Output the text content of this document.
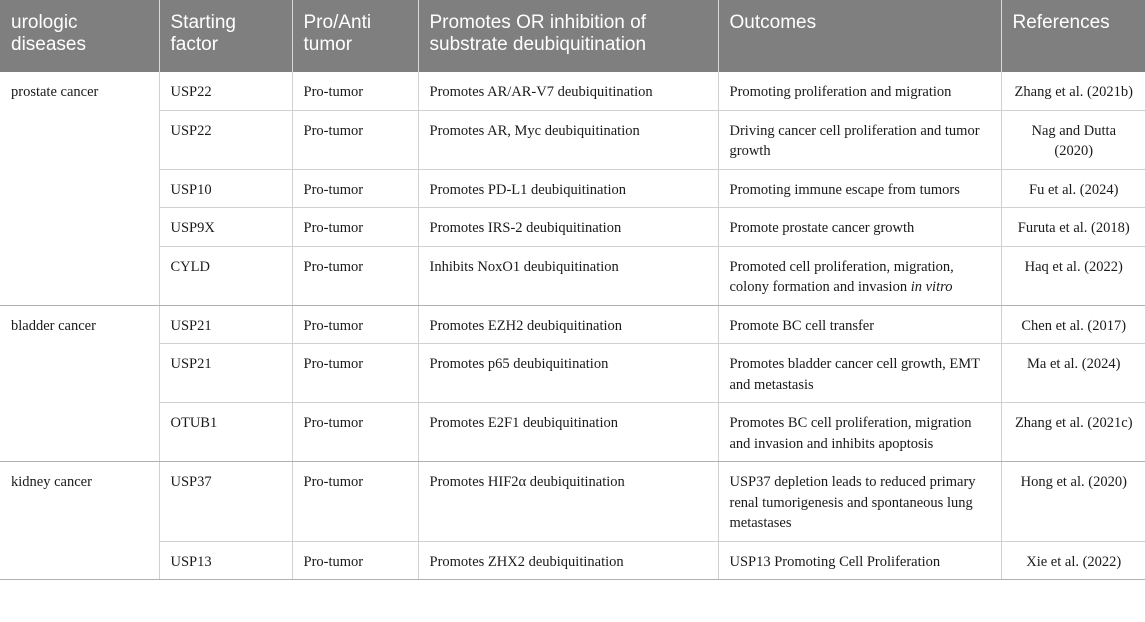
urologic diseases	Starting factor	Pro/Anti tumor	Promotes OR inhibition of substrate deubiquitination	Outcomes	References
prostate cancer	USP22	Pro-tumor	Promotes AR/AR-V7 deubiquitination	Promoting proliferation and migration	Zhang et al. (2021b)
	USP22	Pro-tumor	Promotes AR, Myc deubiquitination	Driving cancer cell proliferation and tumor growth	Nag and Dutta (2020)
	USP10	Pro-tumor	Promotes PD-L1 deubiquitination	Promoting immune escape from tumors	Fu et al. (2024)
	USP9X	Pro-tumor	Promotes IRS-2 deubiquitination	Promote prostate cancer growth	Furuta et al. (2018)
	CYLD	Pro-tumor	Inhibits NoxO1 deubiquitination	Promoted cell proliferation, migration, colony formation and invasion in vitro	Haq et al. (2022)
bladder cancer	USP21	Pro-tumor	Promotes EZH2 deubiquitination	Promote BC cell transfer	Chen et al. (2017)
	USP21	Pro-tumor	Promotes p65 deubiquitination	Promotes bladder cancer cell growth, EMT and metastasis	Ma et al. (2024)
	OTUB1	Pro-tumor	Promotes E2F1 deubiquitination	Promotes BC cell proliferation, migration and invasion and inhibits apoptosis	Zhang et al. (2021c)
kidney cancer	USP37	Pro-tumor	Promotes HIF2α deubiquitination	USP37 depletion leads to reduced primary renal tumorigenesis and spontaneous lung metastases	Hong et al. (2020)
	USP13	Pro-tumor	Promotes ZHX2 deubiquitination	USP13 Promoting Cell Proliferation	Xie et al. (2022)
